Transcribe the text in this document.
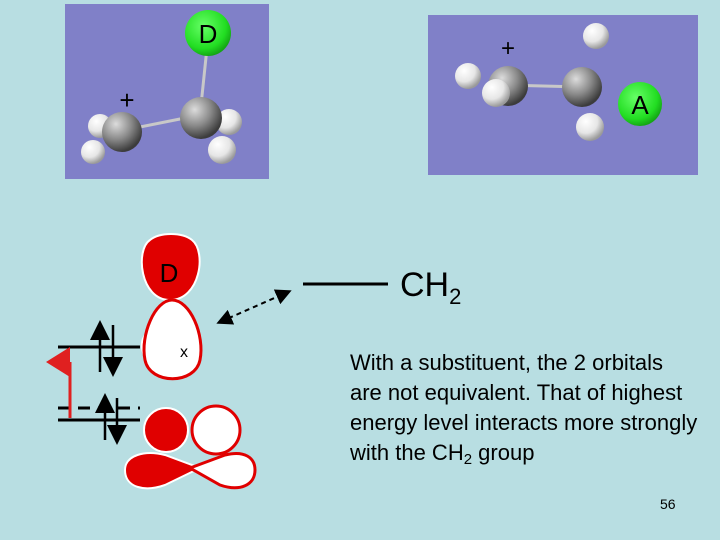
D
+	A
+
D
x
$CH_2$
With a substituent, the 2 orbitals are not equivalent. That of highest energy level interacts more strongly with the $CH_2$ group
56
